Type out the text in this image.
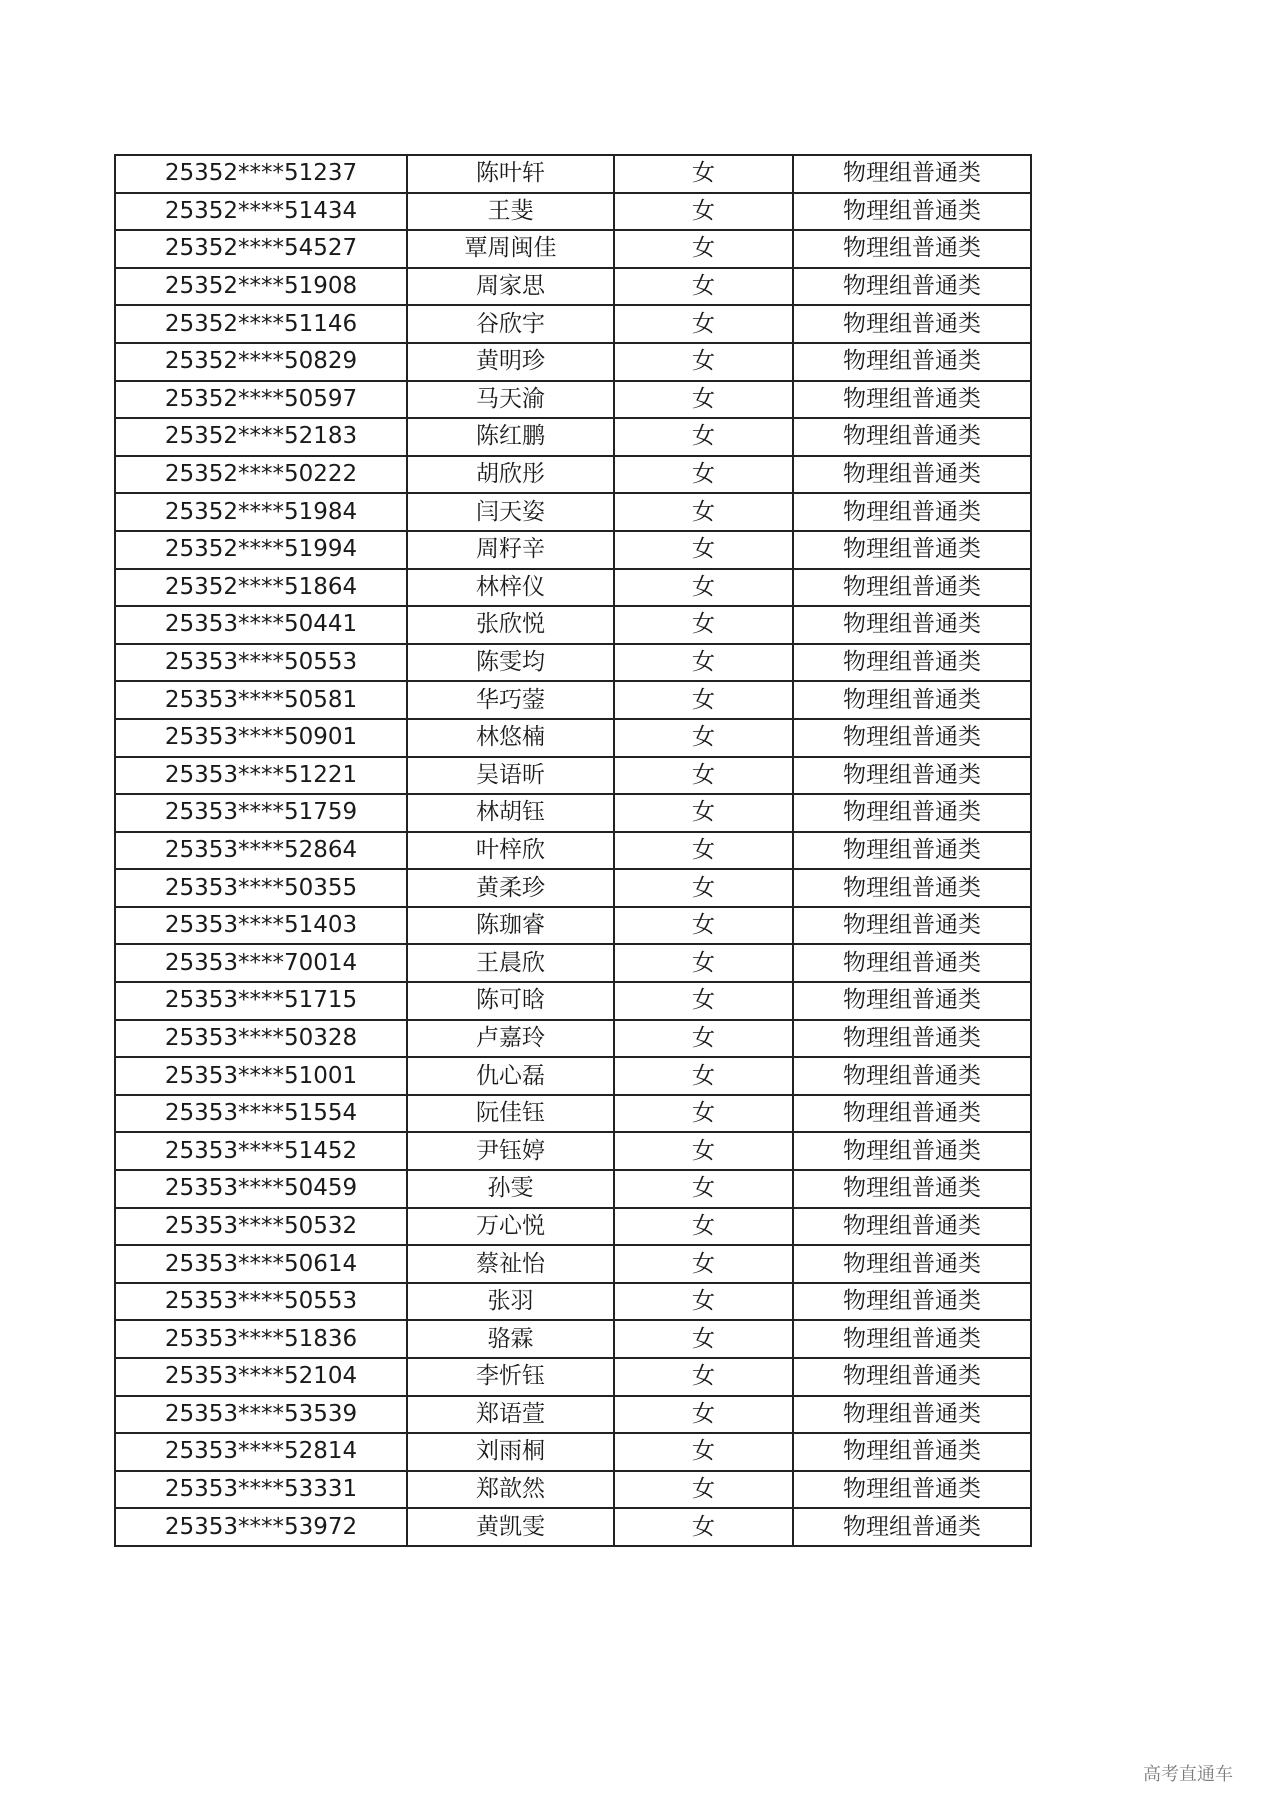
25352****51237	陈叶轩	女	物理组普通类
25352****51434	王斐	女	物理组普通类
25352****54527	覃周闽佳	女	物理组普通类
25352****51908	周家思	女	物理组普通类
25352****51146	谷欣宇	女	物理组普通类
25352****50829	黄明珍	女	物理组普通类
25352****50597	马天渝	女	物理组普通类
25352****52183	陈红鹏	女	物理组普通类
25352****50222	胡欣彤	女	物理组普通类
25352****51984	闫天姿	女	物理组普通类
25352****51994	周籽辛	女	物理组普通类
25352****51864	林梓仪	女	物理组普通类
25353****50441	张欣悦	女	物理组普通类
25353****50553	陈雯均	女	物理组普通类
25353****50581	华巧蓥	女	物理组普通类
25353****50901	林悠楠	女	物理组普通类
25353****51221	吴语昕	女	物理组普通类
25353****51759	林胡钰	女	物理组普通类
25353****52864	叶梓欣	女	物理组普通类
25353****50355	黄柔珍	女	物理组普通类
25353****51403	陈珈睿	女	物理组普通类
25353****70014	王晨欣	女	物理组普通类
25353****51715	陈可晗	女	物理组普通类
25353****50328	卢嘉玲	女	物理组普通类
25353****51001	仇心磊	女	物理组普通类
25353****51554	阮佳钰	女	物理组普通类
25353****51452	尹钰婷	女	物理组普通类
25353****50459	孙雯	女	物理组普通类
25353****50532	万心悦	女	物理组普通类
25353****50614	蔡祉怡	女	物理组普通类
25353****50553	张羽	女	物理组普通类
25353****51836	骆霖	女	物理组普通类
25353****52104	李忻钰	女	物理组普通类
25353****53539	郑语萱	女	物理组普通类
25353****52814	刘雨桐	女	物理组普通类
25353****53331	郑歆然	女	物理组普通类
25353****53972	黄凯雯	女	物理组普通类
高考直通车
